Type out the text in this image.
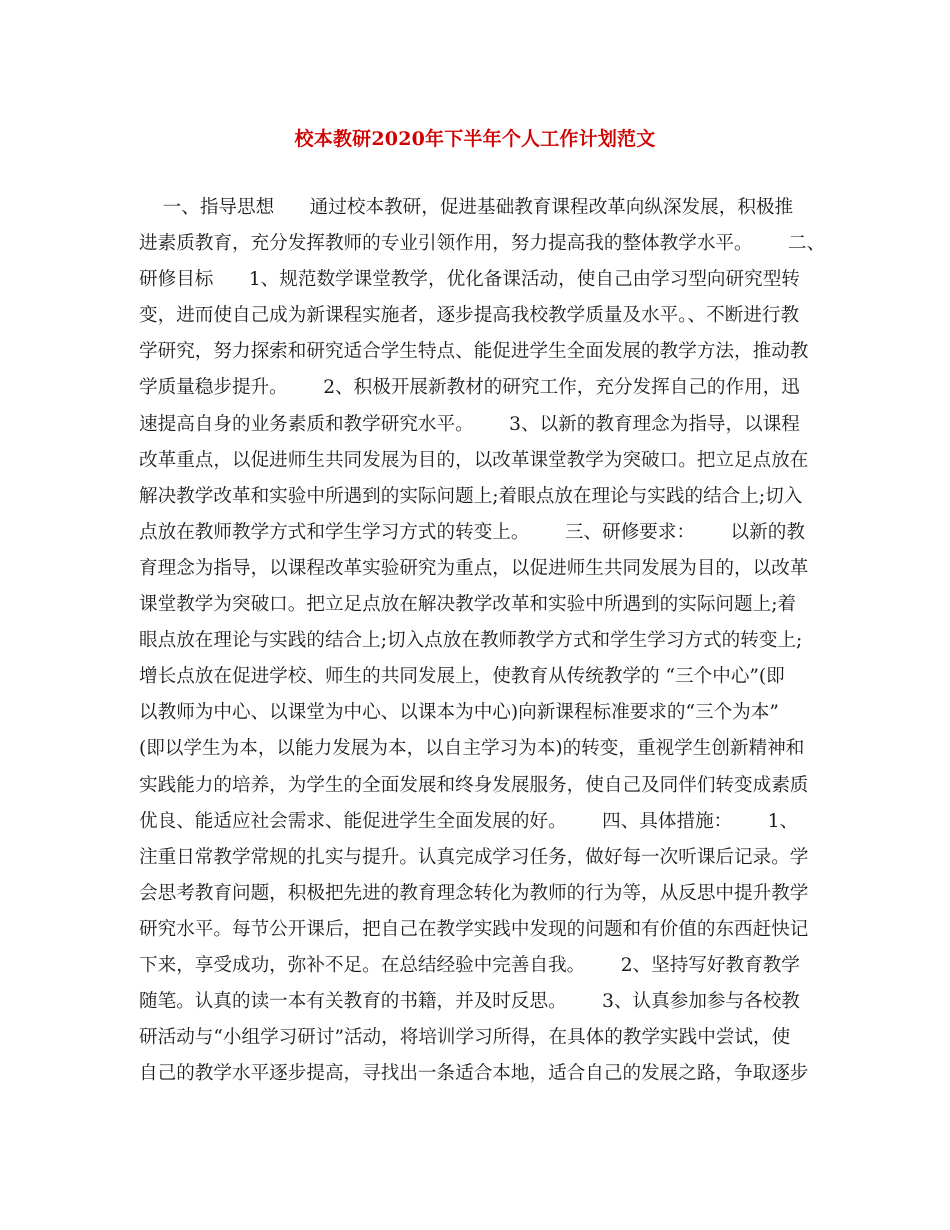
校本教研2020年下半年个人工作计划范文
一、指导思想      通过校本教研，促进基础教育课程改革向纵深发展，积极推
进素质教育，充分发挥教师的专业引领作用，努力提高我的整体教学水平。      二、
研修目标      1、规范数学课堂教学，优化备课活动，使自己由学习型向研究型转
变，进而使自己成为新课程实施者，逐步提高我校教学质量及水平。、不断进行教
学研究，努力探索和研究适合学生特点、能促进学生全面发展的教学方法，推动教
学质量稳步提升。      2、积极开展新教材的研究工作，充分发挥自己的作用，迅
速提高自身的业务素质和教学研究水平。      3、以新的教育理念为指导，以课程
改革重点，以促进师生共同发展为目的，以改革课堂教学为突破口。把立足点放在
解决教学改革和实验中所遇到的实际问题上;着眼点放在理论与实践的结合上;切入
点放在教师教学方式和学生学习方式的转变上。      三、研修要求：      以新的教
育理念为指导，以课程改革实验研究为重点，以促进师生共同发展为目的，以改革
课堂教学为突破口。把立足点放在解决教学改革和实验中所遇到的实际问题上;着
眼点放在理论与实践的结合上;切入点放在教师教学方式和学生学习方式的转变上;
增长点放在促进学校、师生的共同发展上，使教育从传统教学的 “三个中心”(即
以教师为中心、以课堂为中心、以课本为中心)向新课程标准要求的“三个为本”
(即以学生为本，以能力发展为本，以自主学习为本)的转变，重视学生创新精神和
实践能力的培养，为学生的全面发展和终身发展服务，使自己及同伴们转变成素质
优良、能适应社会需求、能促进学生全面发展的好。      四、具体措施：      1、
注重日常教学常规的扎实与提升。认真完成学习任务，做好每一次听课后记录。学
会思考教育问题，积极把先进的教育理念转化为教师的行为等，从反思中提升教学
研究水平。每节公开课后，把自己在教学实践中发现的问题和有价值的东西赶快记
下来，享受成功，弥补不足。在总结经验中完善自我。      2、坚持写好教育教学
随笔。认真的读一本有关教育的书籍，并及时反思。      3、认真参加参与各校教
研活动与“小组学习研讨”活动，将培训学习所得，在具体的教学实践中尝试，使
自己的教学水平逐步提高，寻找出一条适合本地，适合自己的发展之路，争取逐步
